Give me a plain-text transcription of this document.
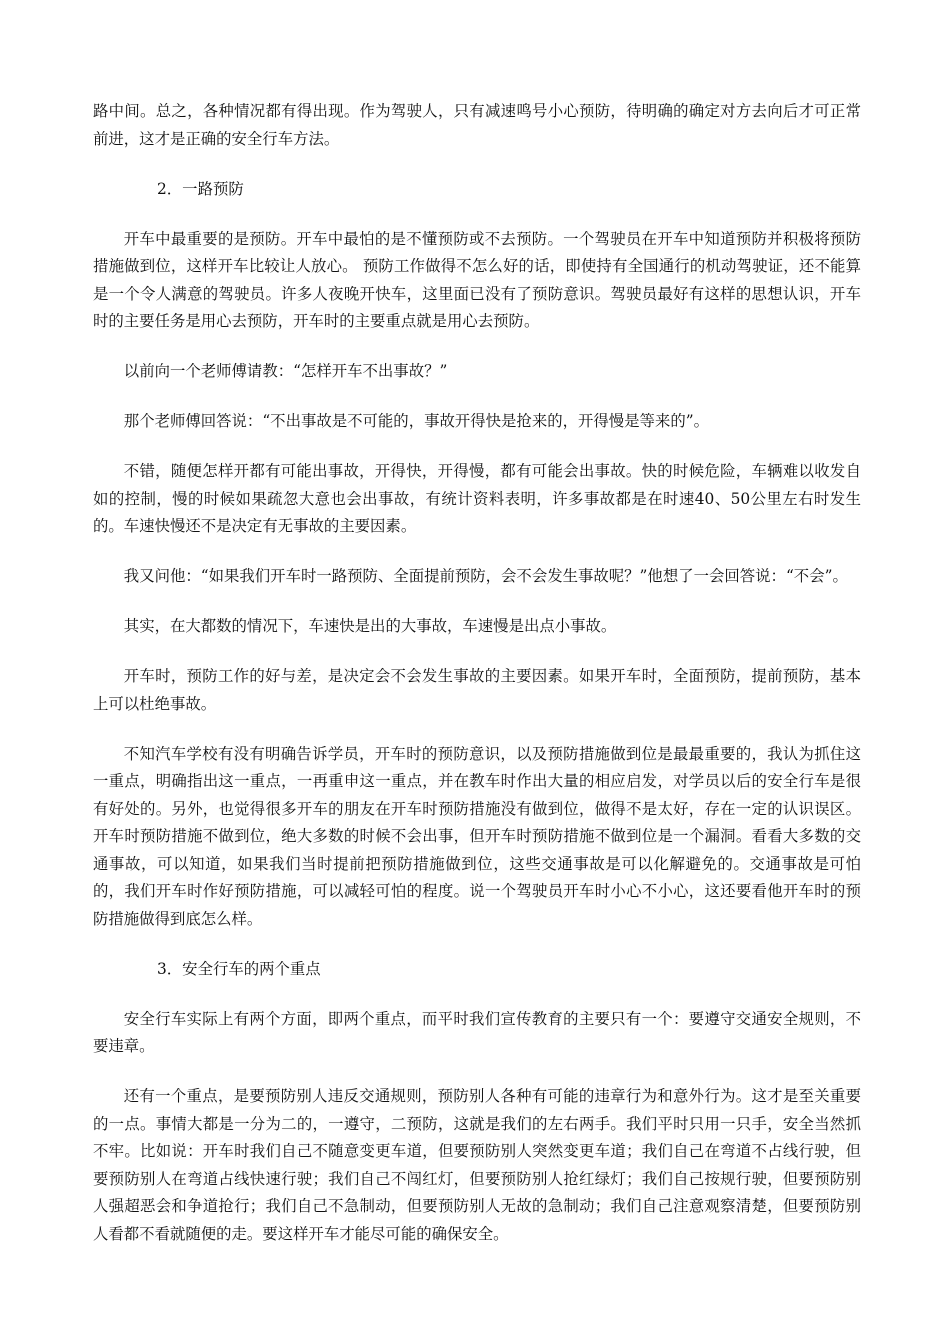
路中间。总之，各种情况都有得出现。作为驾驶人，只有减速鸣号小心预防，待明确的确定对方去向后才可正常前进，这才是正确的安全行车方法。

2．一路预防

开车中最重要的是预防。开车中最怕的是不懂预防或不去预防。一个驾驶员在开车中知道预防并积极将预防措施做到位，这样开车比较让人放心。 预防工作做得不怎么好的话，即使持有全国通行的机动驾驶证，还不能算是一个令人满意的驾驶员。许多人夜晚开快车，这里面已没有了预防意识。驾驶员最好有这样的思想认识，开车时的主要任务是用心去预防，开车时的主要重点就是用心去预防。

以前向一个老师傅请教：“怎样开车不出事故？”

那个老师傅回答说：“不出事故是不可能的，事故开得快是抢来的，开得慢是等来的”。

不错，随便怎样开都有可能出事故，开得快，开得慢，都有可能会出事故。快的时候危险，车辆难以收发自如的控制，慢的时候如果疏忽大意也会出事故，有统计资料表明，许多事故都是在时速40、50公里左右时发生的。车速快慢还不是决定有无事故的主要因素。

我又问他：“如果我们开车时一路预防、全面提前预防，会不会发生事故呢？”他想了一会回答说：“不会”。

其实，在大都数的情况下，车速快是出的大事故，车速慢是出点小事故。

开车时，预防工作的好与差，是决定会不会发生事故的主要因素。如果开车时，全面预防，提前预防，基本上可以杜绝事故。

不知汽车学校有没有明确告诉学员，开车时的预防意识，以及预防措施做到位是最最重要的，我认为抓住这一重点，明确指出这一重点，一再重申这一重点，并在教车时作出大量的相应启发，对学员以后的安全行车是很有好处的。另外，也觉得很多开车的朋友在开车时预防措施没有做到位，做得不是太好，存在一定的认识误区。开车时预防措施不做到位，绝大多数的时候不会出事，但开车时预防措施不做到位是一个漏洞。看看大多数的交通事故，可以知道，如果我们当时提前把预防措施做到位，这些交通事故是可以化解避免的。交通事故是可怕的，我们开车时作好预防措施，可以减轻可怕的程度。说一个驾驶员开车时小心不小心，这还要看他开车时的预防措施做得到底怎么样。

3．安全行车的两个重点

安全行车实际上有两个方面，即两个重点，而平时我们宣传教育的主要只有一个：要遵守交通安全规则，不要违章。

还有一个重点，是要预防别人违反交通规则，预防别人各种有可能的违章行为和意外行为。这才是至关重要的一点。事情大都是一分为二的，一遵守，二预防，这就是我们的左右两手。我们平时只用一只手，安全当然抓不牢。比如说：开车时我们自己不随意变更车道，但要预防别人突然变更车道；我们自己在弯道不占线行驶，但要预防别人在弯道占线快速行驶；我们自己不闯红灯，但要预防别人抢红绿灯；我们自己按规行驶，但要预防别人强超恶会和争道抢行；我们自己不急制动，但要预防别人无故的急制动；我们自己注意观察清楚，但要预防别人看都不看就随便的走。要这样开车才能尽可能的确保安全。
